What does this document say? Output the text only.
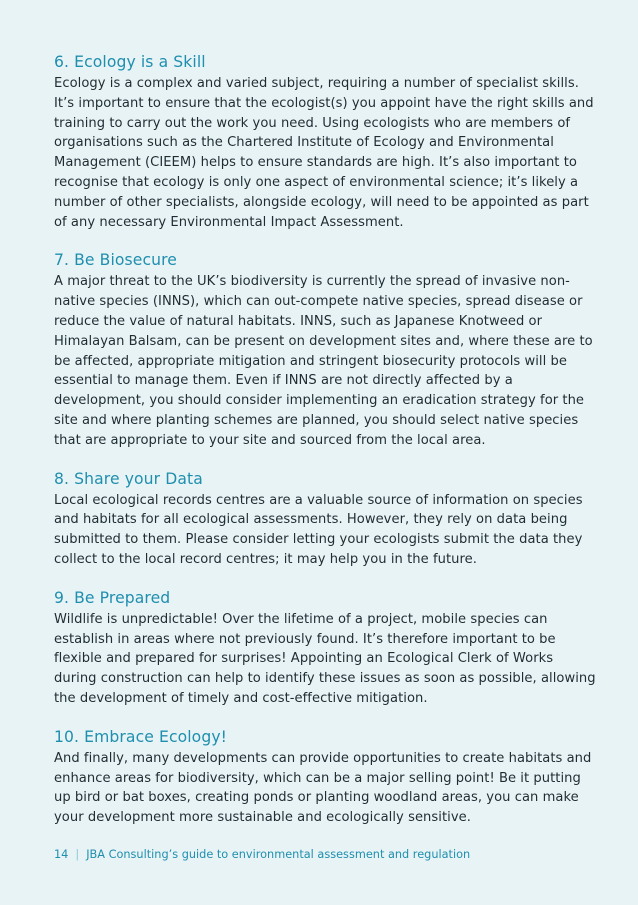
6. Ecology is a Skill

Ecology is a complex and varied subject, requiring a number of specialist skills. It’s important to ensure that the ecologist(s) you appoint have the right skills and training to carry out the work you need. Using ecologists who are members of organisations such as the Chartered Institute of Ecology and Environmental Management (CIEEM) helps to ensure standards are high. It’s also important to recognise that ecology is only one aspect of environmental science; it’s likely a number of other specialists, alongside ecology, will need to be appointed as part of any necessary Environmental Impact Assessment.

7. Be Biosecure

A major threat to the UK’s biodiversity is currently the spread of invasive non-native species (INNS), which can out-compete native species, spread disease or reduce the value of natural habitats. INNS, such as Japanese Knotweed or Himalayan Balsam, can be present on development sites and, where these are to be affected, appropriate mitigation and stringent biosecurity protocols will be essential to manage them. Even if INNS are not directly affected by a development, you should consider implementing an eradication strategy for the site and where planting schemes are planned, you should select native species that are appropriate to your site and sourced from the local area.

8. Share your Data

Local ecological records centres are a valuable source of information on species and habitats for all ecological assessments. However, they rely on data being submitted to them. Please consider letting your ecologists submit the data they collect to the local record centres; it may help you in the future.

9. Be Prepared

Wildlife is unpredictable! Over the lifetime of a project, mobile species can establish in areas where not previously found. It’s therefore important to be flexible and prepared for surprises! Appointing an Ecological Clerk of Works during construction can help to identify these issues as soon as possible, allowing the development of timely and cost-effective mitigation.

10. Embrace Ecology!

And finally, many developments can provide opportunities to create habitats and enhance areas for biodiversity, which can be a major selling point! Be it putting up bird or bat boxes, creating ponds or planting woodland areas, you can make your development more sustainable and ecologically sensitive.

14 | JBA Consulting’s guide to environmental assessment and regulation
